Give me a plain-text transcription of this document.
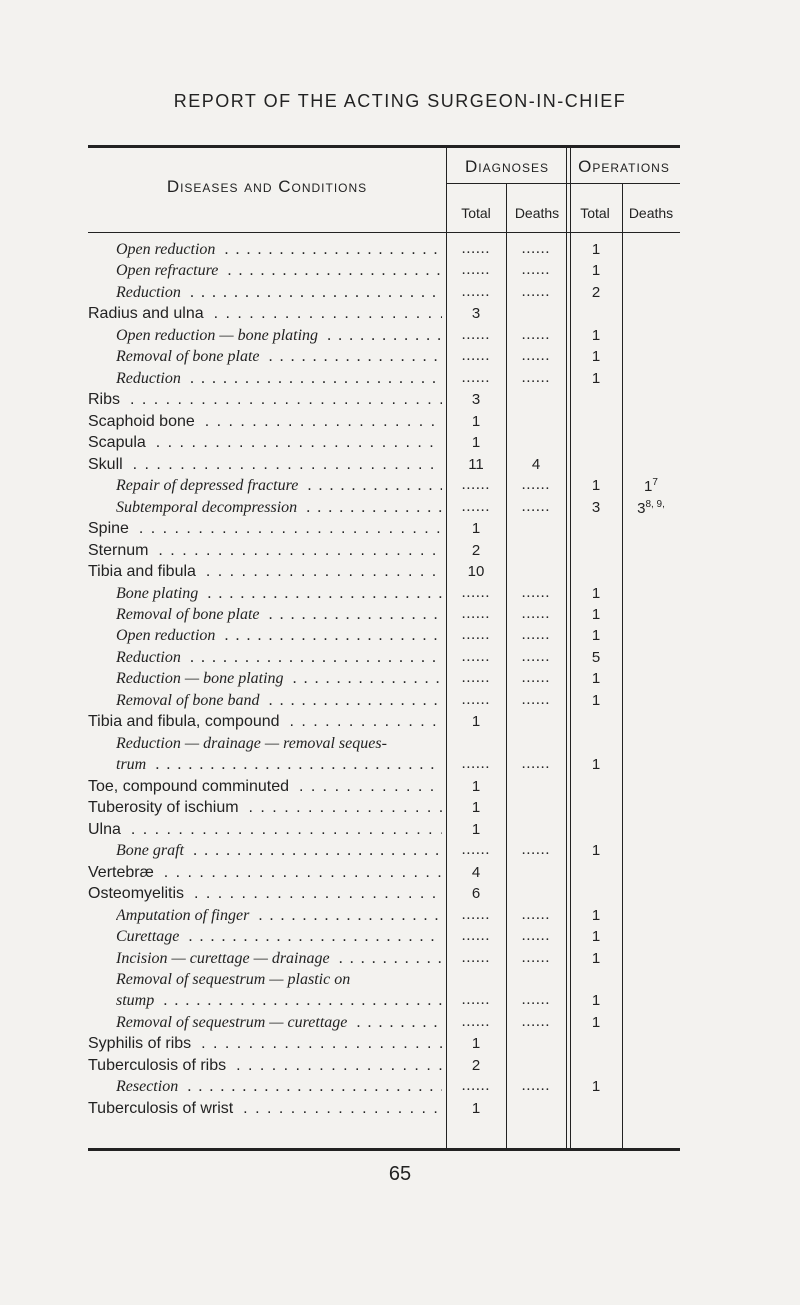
REPORT OF THE ACTING SURGEON-IN-CHIEF
Diseases and Conditions
Diagnoses	Operations
Total	Deaths	Total	Deaths
Open reduction . . .	......	......	1
Open refracture . . .	......	......	1
Reduction . . .	......	......	2
Radius and ulna . . .	3
Open reduction — bone plating . . .	......	......	1
Removal of bone plate . . .	......	......	1
Reduction . . .	......	......	1
Ribs . . .	3
Scaphoid bone . . .	1
Scapula . . .	1
Skull . . .	11	4
Repair of depressed fracture . . .	......	......	1	$1^7$
Subtemporal decompression . . .	......	......	3	$3^{8, 9,}$
Spine . . .	1
Sternum . . .	2
Tibia and fibula . . .	10
Bone plating . . .	......	......	1
Removal of bone plate . . .	......	......	1
Open reduction . . .	......	......	1
Reduction . . .	......	......	5
Reduction — bone plating . . .	......	......	1
Removal of bone band . . .	......	......	1
Tibia and fibula, compound . . .	1
Reduction — drainage — removal seques-
trum . . .	......	......	1
Toe, compound comminuted . . .	1
Tuberosity of ischium . . .	1
Ulna . . .	1
Bone graft . . .	......	......	1
Vertebræ . . .	4
Osteomyelitis . . .	6
Amputation of finger . . .	......	......	1
Curettage . . .	......	......	1
Incision — curettage — drainage . . .	......	......	1
Removal of sequestrum — plastic on
stump . . .	......	......	1
Removal of sequestrum — curettage . . .	......	......	1
Syphilis of ribs . . .	1
Tuberculosis of ribs . . .	2
Resection . . .	......	......	1
Tuberculosis of wrist . . .	1
65
